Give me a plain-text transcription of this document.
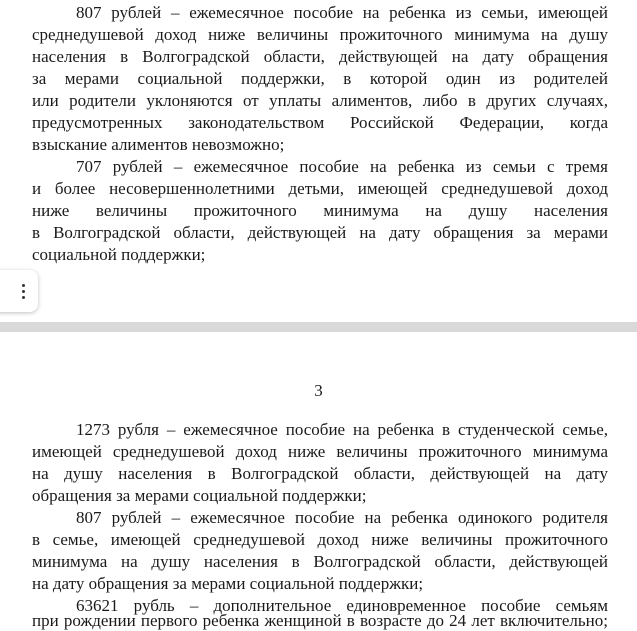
807 рублей – ежемесячное пособие на ребенка из семьи, имеющей
среднедушевой доход ниже величины прожиточного минимума на душу
населения в Волгоградской области, действующей на дату обращения
за мерами социальной поддержки, в которой один из родителей
или родители уклоняются от уплаты алиментов, либо в других случаях,
предусмотренных законодательством Российской Федерации, когда
взыскание алиментов невозможно;
707 рублей – ежемесячное пособие на ребенка из семьи с тремя
и более несовершеннолетними детьми, имеющей среднедушевой доход
ниже величины прожиточного минимума на душу населения
в Волгоградской области, действующей на дату обращения за мерами
социальной поддержки;
3
1273 рубля – ежемесячное пособие на ребенка в студенческой семье,
имеющей среднедушевой доход ниже величины прожиточного минимума
на душу населения в Волгоградской области, действующей на дату
обращения за мерами социальной поддержки;
807 рублей – ежемесячное пособие на ребенка одинокого родителя
в семье, имеющей среднедушевой доход ниже величины прожиточного
минимума на душу населения в Волгоградской области, действующей
на дату обращения за мерами социальной поддержки;
63621 рубль – дополнительное единовременное пособие семьям
при рождении первого ребенка женщиной в возрасте до 24 лет включительно;
